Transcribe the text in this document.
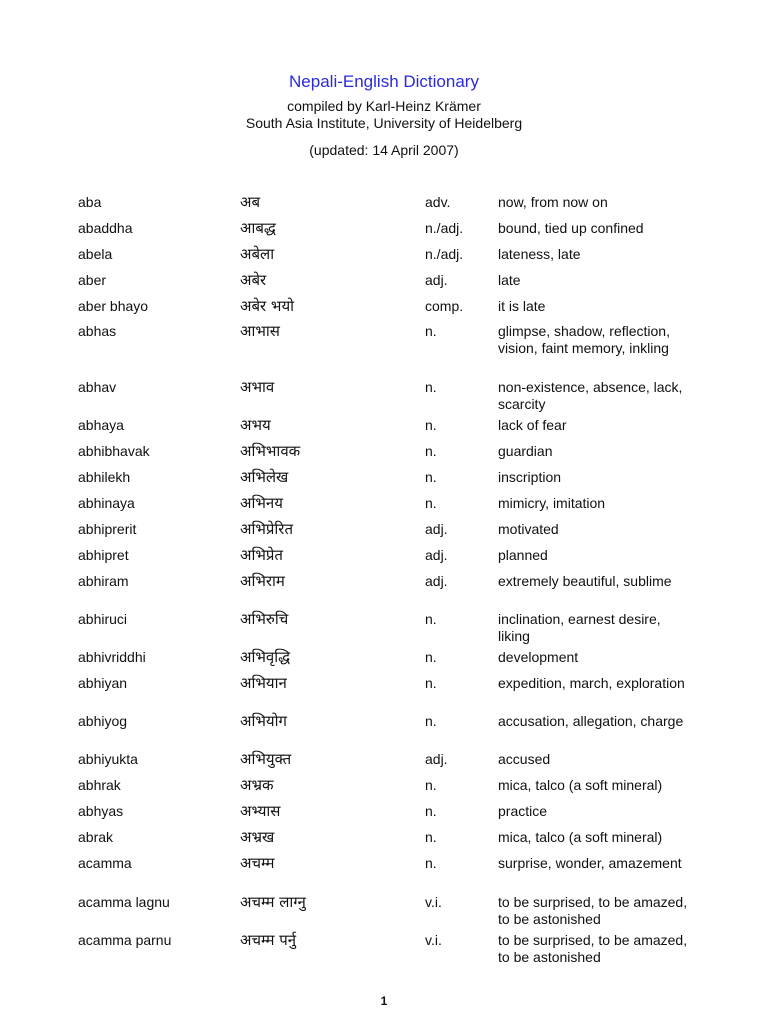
Nepali-English Dictionary
compiled by Karl-Heinz Krämer
South Asia Institute, University of Heidelberg
(updated: 14 April 2007)
aba	अब	adv.	now, from now on
abaddha	आबद्ध	n./adj.	bound, tied up confined
abela	अबेला	n./adj.	lateness, late
aber	अबेर	adj.	late
aber bhayo	अबेर भयो	comp.	it is late
abhas	आभास	n.	glimpse, shadow, reflection, vision, faint memory, inkling
abhav	अभाव	n.	non-existence, absence, lack, scarcity
abhaya	अभय	n.	lack of fear
abhibhavak	अभिभावक	n.	guardian
abhilekh	अभिलेख	n.	inscription
abhinaya	अभिनय	n.	mimicry, imitation
abhiprerit	अभिप्रेरित	adj.	motivated
abhipret	अभिप्रेत	adj.	planned
abhiram	अभिराम	adj.	extremely beautiful, sublime
abhiruci	अभिरुचि	n.	inclination, earnest desire, liking
abhivriddhi	अभिवृद्धि	n.	development
abhiyan	अभियान	n.	expedition, march, exploration
abhiyog	अभियोग	n.	accusation, allegation, charge
abhiyukta	अभियुक्त	adj.	accused
abhrak	अभ्रक	n.	mica, talco (a soft mineral)
abhyas	अभ्यास	n.	practice
abrak	अभ्रख	n.	mica, talco (a soft mineral)
acamma	अचम्म	n.	surprise, wonder, amazement
acamma lagnu	अचम्म लाग्नु	v.i.	to be surprised, to be amazed, to be astonished
acamma parnu	अचम्म पर्नु	v.i.	to be surprised, to be amazed, to be astonished
1
